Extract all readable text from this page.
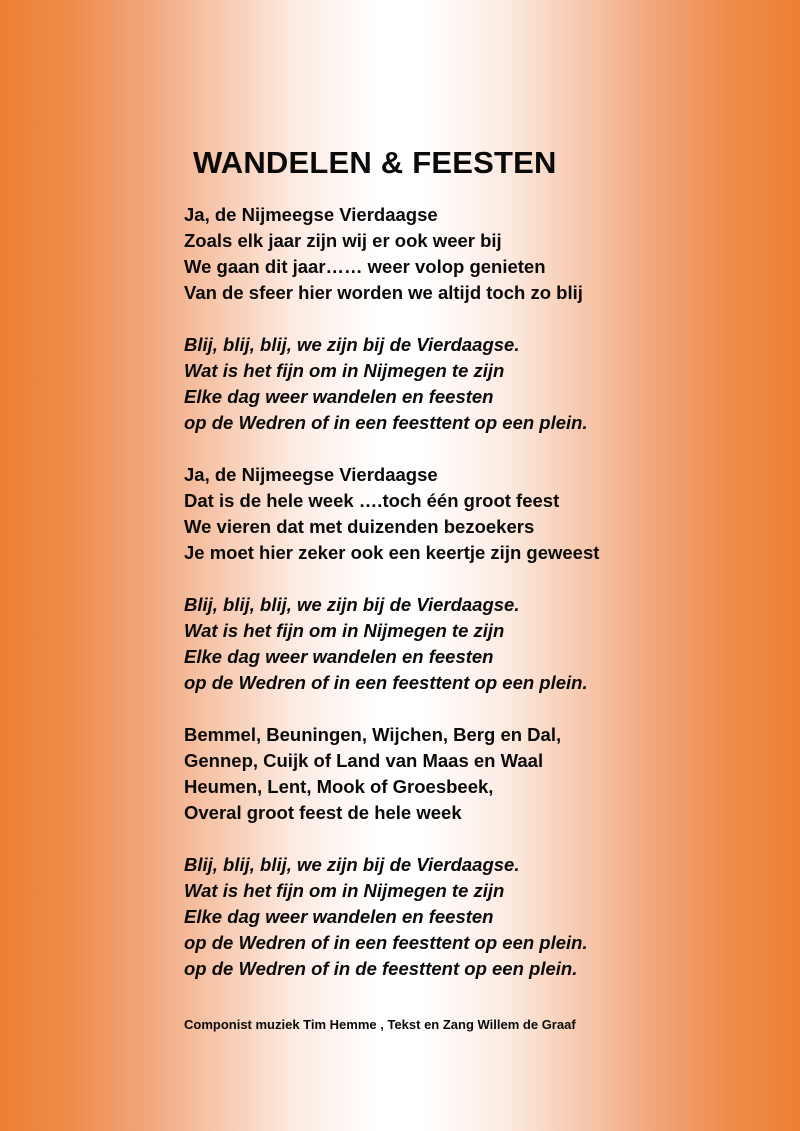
WANDELEN & FEESTEN
Ja, de Nijmeegse Vierdaagse
Zoals elk jaar zijn wij er ook weer bij
We gaan dit jaar…… weer volop genieten
Van de sfeer hier worden we altijd toch zo blij
Blij, blij, blij, we zijn bij de Vierdaagse.
Wat is het fijn om in Nijmegen te zijn
Elke dag weer wandelen en feesten
op de Wedren of in een feesttent op een plein.
Ja, de Nijmeegse Vierdaagse
Dat is de hele week ….toch één groot feest
We vieren dat met duizenden bezoekers
Je moet hier zeker ook een keertje zijn geweest
Blij, blij, blij, we zijn bij de Vierdaagse.
Wat is het fijn om in Nijmegen te zijn
Elke dag weer wandelen en feesten
op de Wedren of in een feesttent op een plein.
Bemmel, Beuningen, Wijchen, Berg en Dal,
Gennep, Cuijk of Land van Maas en Waal
Heumen, Lent, Mook of Groesbeek,
Overal groot feest de hele week
Blij, blij, blij, we zijn bij de Vierdaagse.
Wat is het fijn om in Nijmegen te zijn
Elke dag weer wandelen en feesten
op de Wedren of in een feesttent op een plein.
op de Wedren of in de feesttent op een plein.

Componist muziek Tim Hemme , Tekst en Zang Willem de Graaf
